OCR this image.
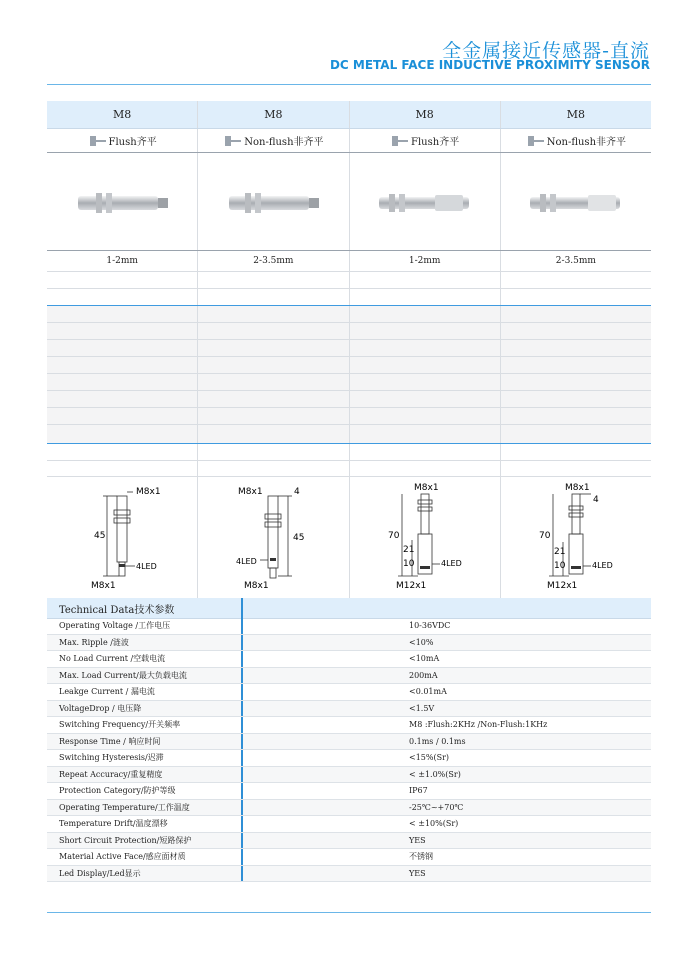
全金属接近传感器-直流
DC METAL FACE INDUCTIVE PROXIMITY SENSOR
M8	M8	M8	M8
Flush齐平	Non-flush非齐平	Flush齐平	Non-flush非齐平
1-2mm	2-3.5mm	1-2mm	2-3.5mm
M8x1
45
4LED
M8x1
M8x1	4
45
4LED
M8x1
M8x1
70
21
10	4LED
M12x1
M8x1
4
70
21
10	4LED
M12x1
Technical Data技术参数
Operating Voltage /工作电压	10-36VDC
Max. Ripple /涟波	<10%
No Load Current /空载电流	<10mA
Max. Load Current/最大负载电流	200mA
Leakge Current / 漏电流	<0.01mA
VoltageDrop / 电压降	<1.5V
Switching Frequency/开关频率	M8 :Flush:2KHz /Non-Flush:1KHz
Response Time / 响应时间	0.1ms / 0.1ms
Switching Hysteresis/迟滞	<15%(Sr)
Repeat Accuracy/重复精度	< ±1.0%(Sr)
Protection Category/防护等级	IP67
Operating Temperature/工作温度	-25℃~+70℃
Temperature Drift/温度漂移	< ±10%(Sr)
Short Circuit Protection/短路保护	YES
Material Active Face/感应面材质	不锈钢
Led Display/Led显示	YES
